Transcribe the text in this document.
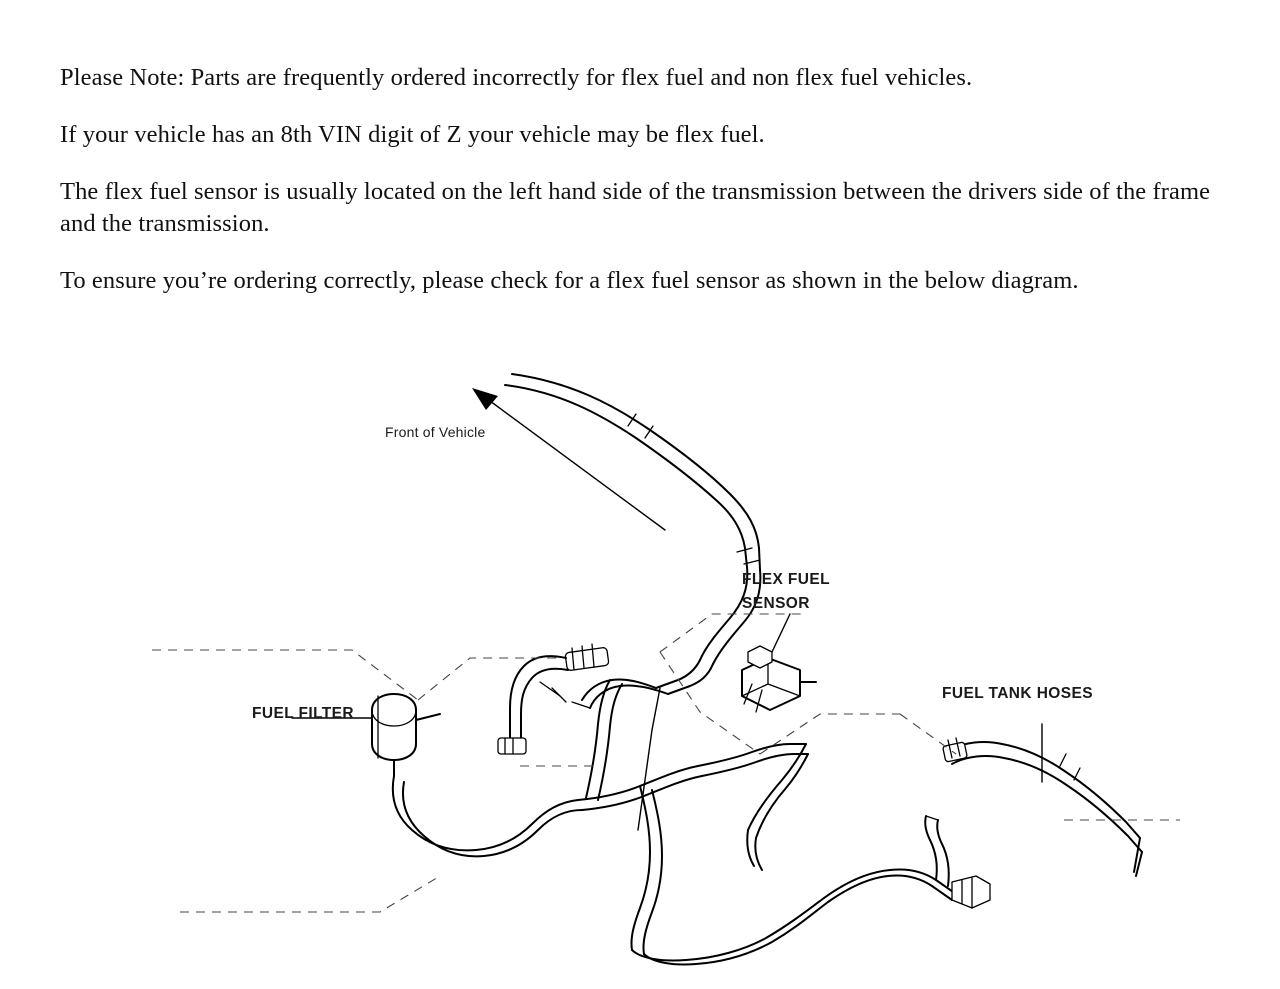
Please Note: Parts are frequently ordered incorrectly for flex fuel and non flex fuel vehicles.

If your vehicle has an 8th VIN digit of Z your vehicle may be flex fuel.

The flex fuel sensor is usually located on the left hand side of the transmission between the drivers side of the frame and the transmission.

To ensure you’re ordering correctly, please check for a flex fuel sensor as shown in the below diagram.

Front of Vehicle
FLEX FUEL
SENSOR
FUEL FILTER
FUEL TANK HOSES
